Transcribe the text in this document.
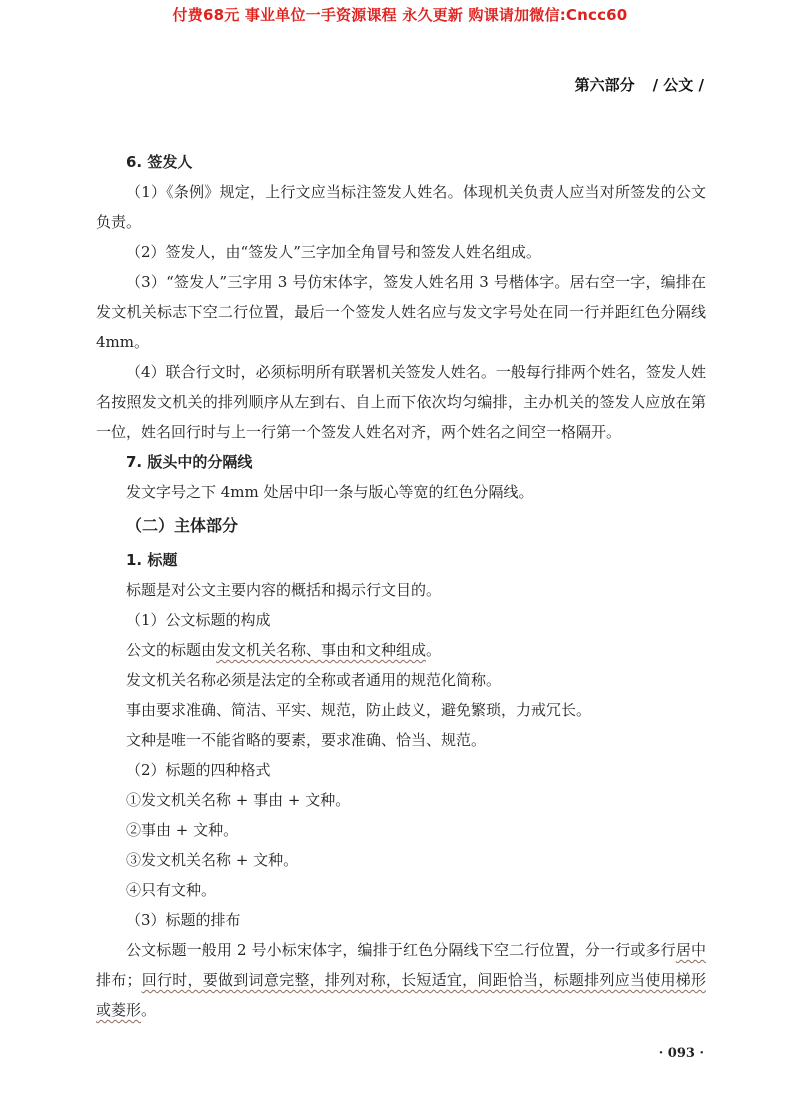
付费68元 事业单位一手资源课程 永久更新 购课请加微信:Cncc60
第六部分 / 公文 /
6. 签发人
（1）《条例》规定，上行文应当标注签发人姓名。体现机关负责人应当对所签发的公文负责。
（2）签发人，由“签发人”三字加全角冒号和签发人姓名组成。
（3）“签发人”三字用 3 号仿宋体字，签发人姓名用 3 号楷体字。居右空一字，编排在发文机关标志下空二行位置，最后一个签发人姓名应与发文字号处在同一行并距红色分隔线 4mm。
（4）联合行文时，必须标明所有联署机关签发人姓名。一般每行排两个姓名，签发人姓名按照发文机关的排列顺序从左到右、自上而下依次均匀编排，主办机关的签发人应放在第一位，姓名回行时与上一行第一个签发人姓名对齐，两个姓名之间空一格隔开。
7. 版头中的分隔线
发文字号之下 4mm 处居中印一条与版心等宽的红色分隔线。
（二）主体部分
1. 标题
标题是对公文主要内容的概括和揭示行文目的。
（1）公文标题的构成
公文的标题由发文机关名称、事由和文种组成。
发文机关名称必须是法定的全称或者通用的规范化简称。
事由要求准确、简洁、平实、规范，防止歧义，避免繁琐，力戒冗长。
文种是唯一不能省略的要素，要求准确、恰当、规范。
（2）标题的四种格式
①发文机关名称 + 事由 + 文种。
②事由 + 文种。
③发文机关名称 + 文种。
④只有文种。
（3）标题的排布
公文标题一般用 2 号小标宋体字，编排于红色分隔线下空二行位置，分一行或多行居中排布；回行时，要做到词意完整，排列对称，长短适宜，间距恰当，标题排列应当使用梯形或菱形。
· 093 ·
